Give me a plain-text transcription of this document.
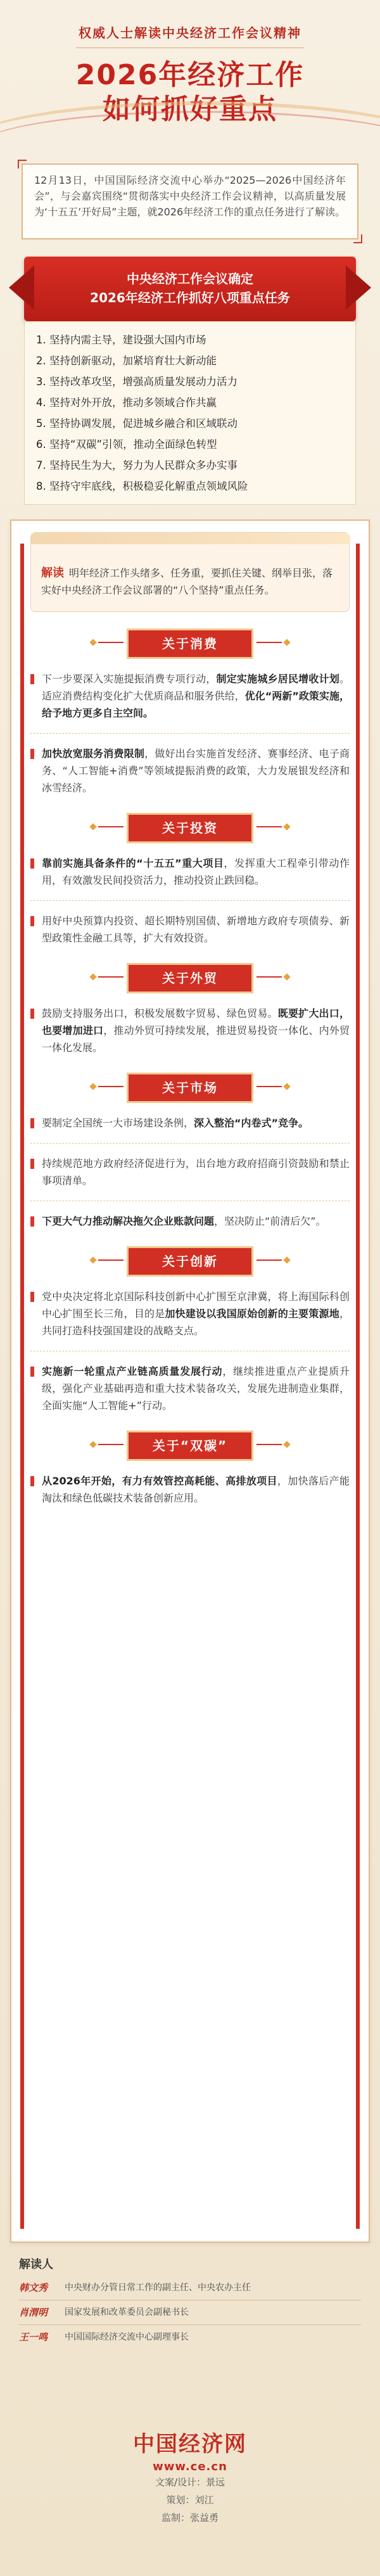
权威人士解读中央经济工作会议精神
2026年经济工作
如何抓好重点

12月13日，中国国际经济交流中心举办“2025—2026中国经济年会”，与会嘉宾围绕“贯彻落实中央经济工作会议精神，以高质量发展为‘十五五’开好局”主题，就2026年经济工作的重点任务进行了解读。

中央经济工作会议确定
2026年经济工作抓好八项重点任务
1. 坚持内需主导，建设强大国内市场
2. 坚持创新驱动，加紧培育壮大新动能
3. 坚持改革攻坚，增强高质量发展动力活力
4. 坚持对外开放，推动多领域合作共赢
5. 坚持协调发展，促进城乡融合和区域联动
6. 坚持“双碳”引领，推动全面绿色转型
7. 坚持民生为大，努力为人民群众多办实事
8. 坚持守牢底线，积极稳妥化解重点领域风险
解读 明年经济工作头绪多、任务重，要抓住关键、纲举目张，落实好中央经济工作会议部署的“八个坚持”重点任务。
关于消费
下一步要深入实施提振消费专项行动，制定实施城乡居民增收计划。适应消费结构变化扩大优质商品和服务供给，优化“两新”政策实施，给予地方更多自主空间。
加快放宽服务消费限制，做好出台实施首发经济、赛事经济、电子商务、“人工智能+消费”等领域提振消费的政策，大力发展银发经济和冰雪经济。
关于投资
靠前实施具备条件的“十五五”重大项目，发挥重大工程牵引带动作用，有效激发民间投资活力，推动投资止跌回稳。
用好中央预算内投资、超长期特别国债、新增地方政府专项债券、新型政策性金融工具等，扩大有效投资。
关于外贸
鼓励支持服务出口，积极发展数字贸易、绿色贸易。既要扩大出口，也要增加进口，推动外贸可持续发展，推进贸易投资一体化、内外贸一体化发展。
关于市场
要制定全国统一大市场建设条例，深入整治“内卷式”竞争。
持续规范地方政府经济促进行为，出台地方政府招商引资鼓励和禁止事项清单。
下更大气力推动解决拖欠企业账款问题，坚决防止“前清后欠”。
关于创新
党中央决定将北京国际科技创新中心扩围至京津冀，将上海国际科创中心扩围至长三角，目的是加快建设以我国原始创新的主要策源地，共同打造科技强国建设的战略支点。
实施新一轮重点产业链高质量发展行动，继续推进重点产业提质升级，强化产业基础再造和重大技术装备攻关，发展先进制造业集群，全面实施“人工智能+”行动。
关于“双碳”
从2026年开始，有力有效管控高耗能、高排放项目，加快落后产能淘汰和绿色低碳技术装备创新应用。
解读人
韩文秀	中央财办分管日常工作的副主任、中央农办主任
肖渭明	国家发展和改革委员会副秘书长
王一鸣	中国国际经济交流中心副理事长
中国经济网
www.ce.cn
文案/设计：景远
策划：刘江
监制：张益勇
